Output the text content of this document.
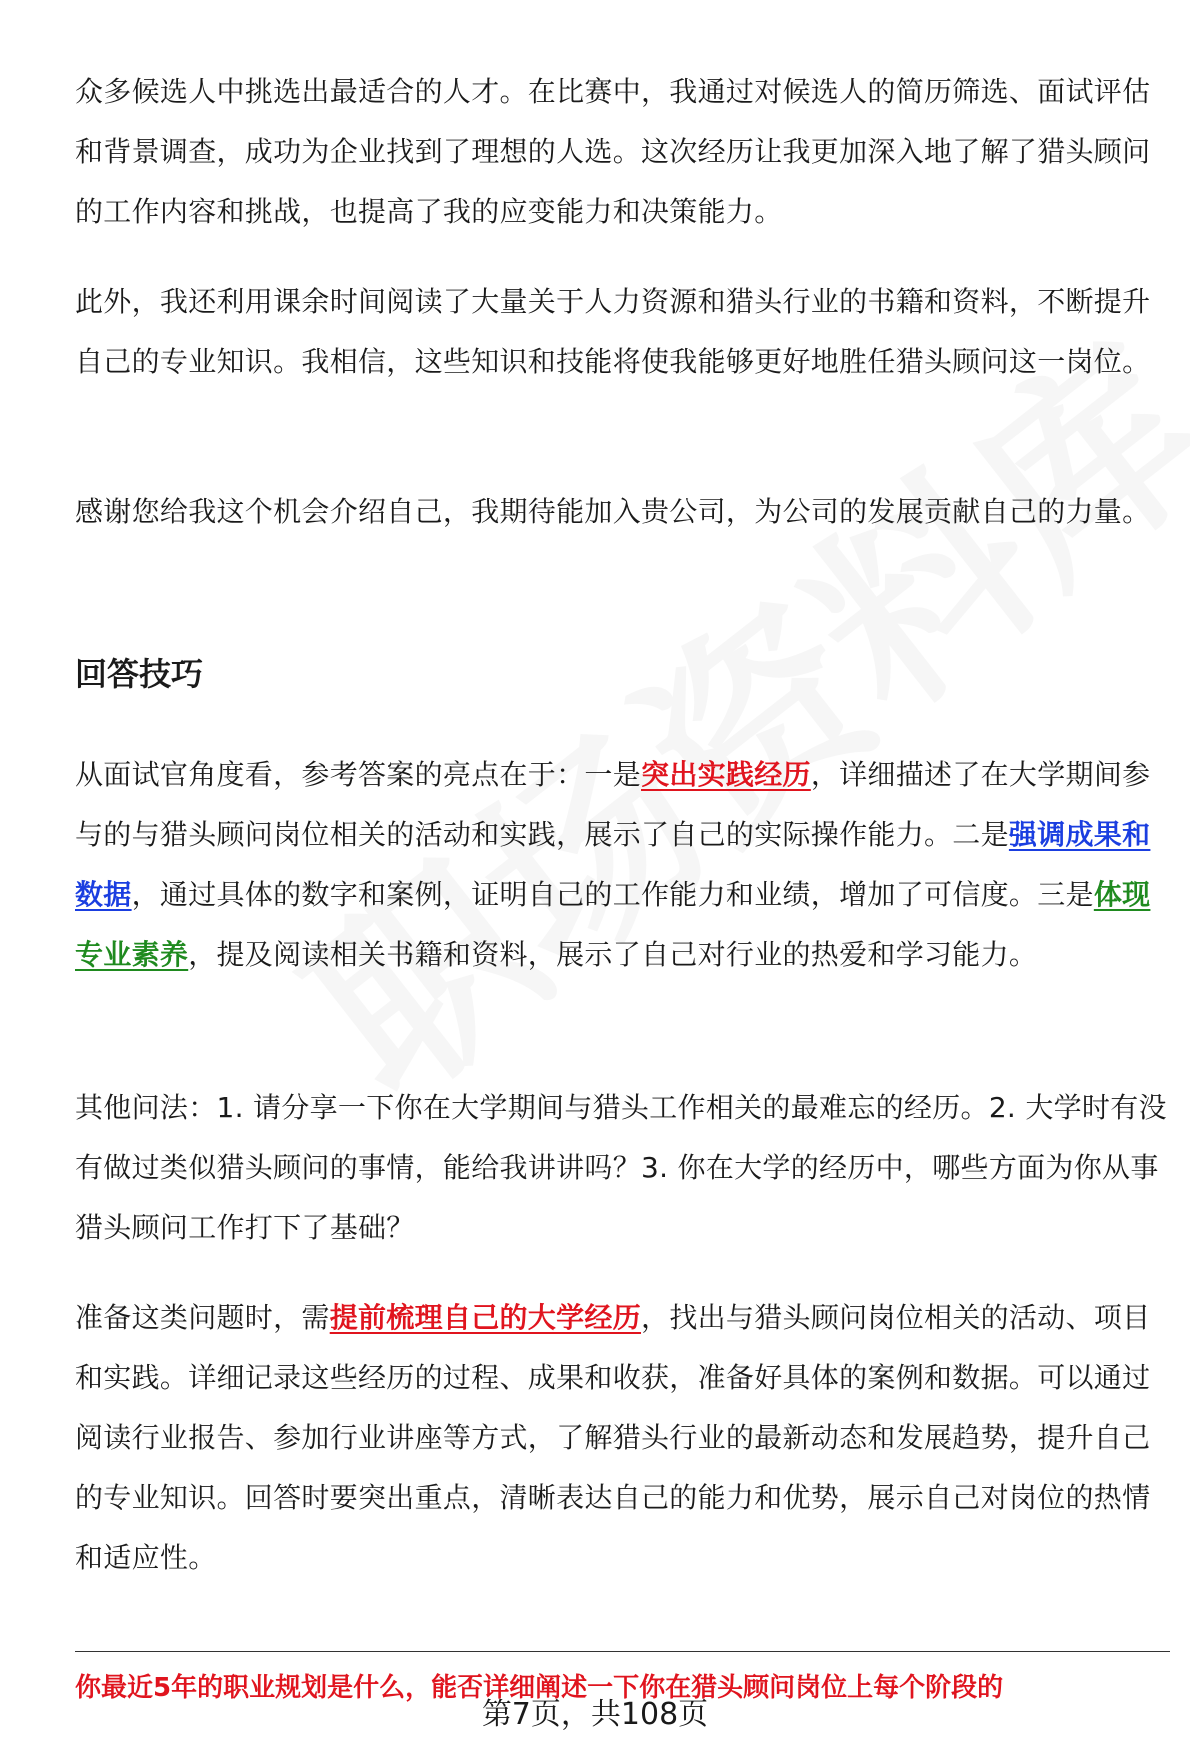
众多候选人中挑选出最适合的人才。在比赛中，我通过对候选人的简历筛选、面试评估和背景调查，成功为企业找到了理想的人选。这次经历让我更加深入地了解了猎头顾问的工作内容和挑战，也提高了我的应变能力和决策能力。

此外，我还利用课余时间阅读了大量关于人力资源和猎头行业的书籍和资料，不断提升自己的专业知识。我相信，这些知识和技能将使我能够更好地胜任猎头顾问这一岗位。

感谢您给我这个机会介绍自己，我期待能加入贵公司，为公司的发展贡献自己的力量。

回答技巧

从面试官角度看，参考答案的亮点在于：一是突出实践经历，详细描述了在大学期间参与的与猎头顾问岗位相关的活动和实践，展示了自己的实际操作能力。二是强调成果和数据，通过具体的数字和案例，证明自己的工作能力和业绩，增加了可信度。三是体现专业素养，提及阅读相关书籍和资料，展示了自己对行业的热爱和学习能力。

其他问法：1. 请分享一下你在大学期间与猎头工作相关的最难忘的经历。2. 大学时有没有做过类似猎头顾问的事情，能给我讲讲吗？3. 你在大学的经历中，哪些方面为你从事猎头顾问工作打下了基础？

准备这类问题时，需提前梳理自己的大学经历，找出与猎头顾问岗位相关的活动、项目和实践。详细记录这些经历的过程、成果和收获，准备好具体的案例和数据。可以通过阅读行业报告、参加行业讲座等方式，了解猎头行业的最新动态和发展趋势，提升自己的专业知识。回答时要突出重点，清晰表达自己的能力和优势，展示自己对岗位的热情和适应性。

你最近5年的职业规划是什么，能否详细阐述一下你在猎头顾问岗位上每个阶段的

第7页，共108页
